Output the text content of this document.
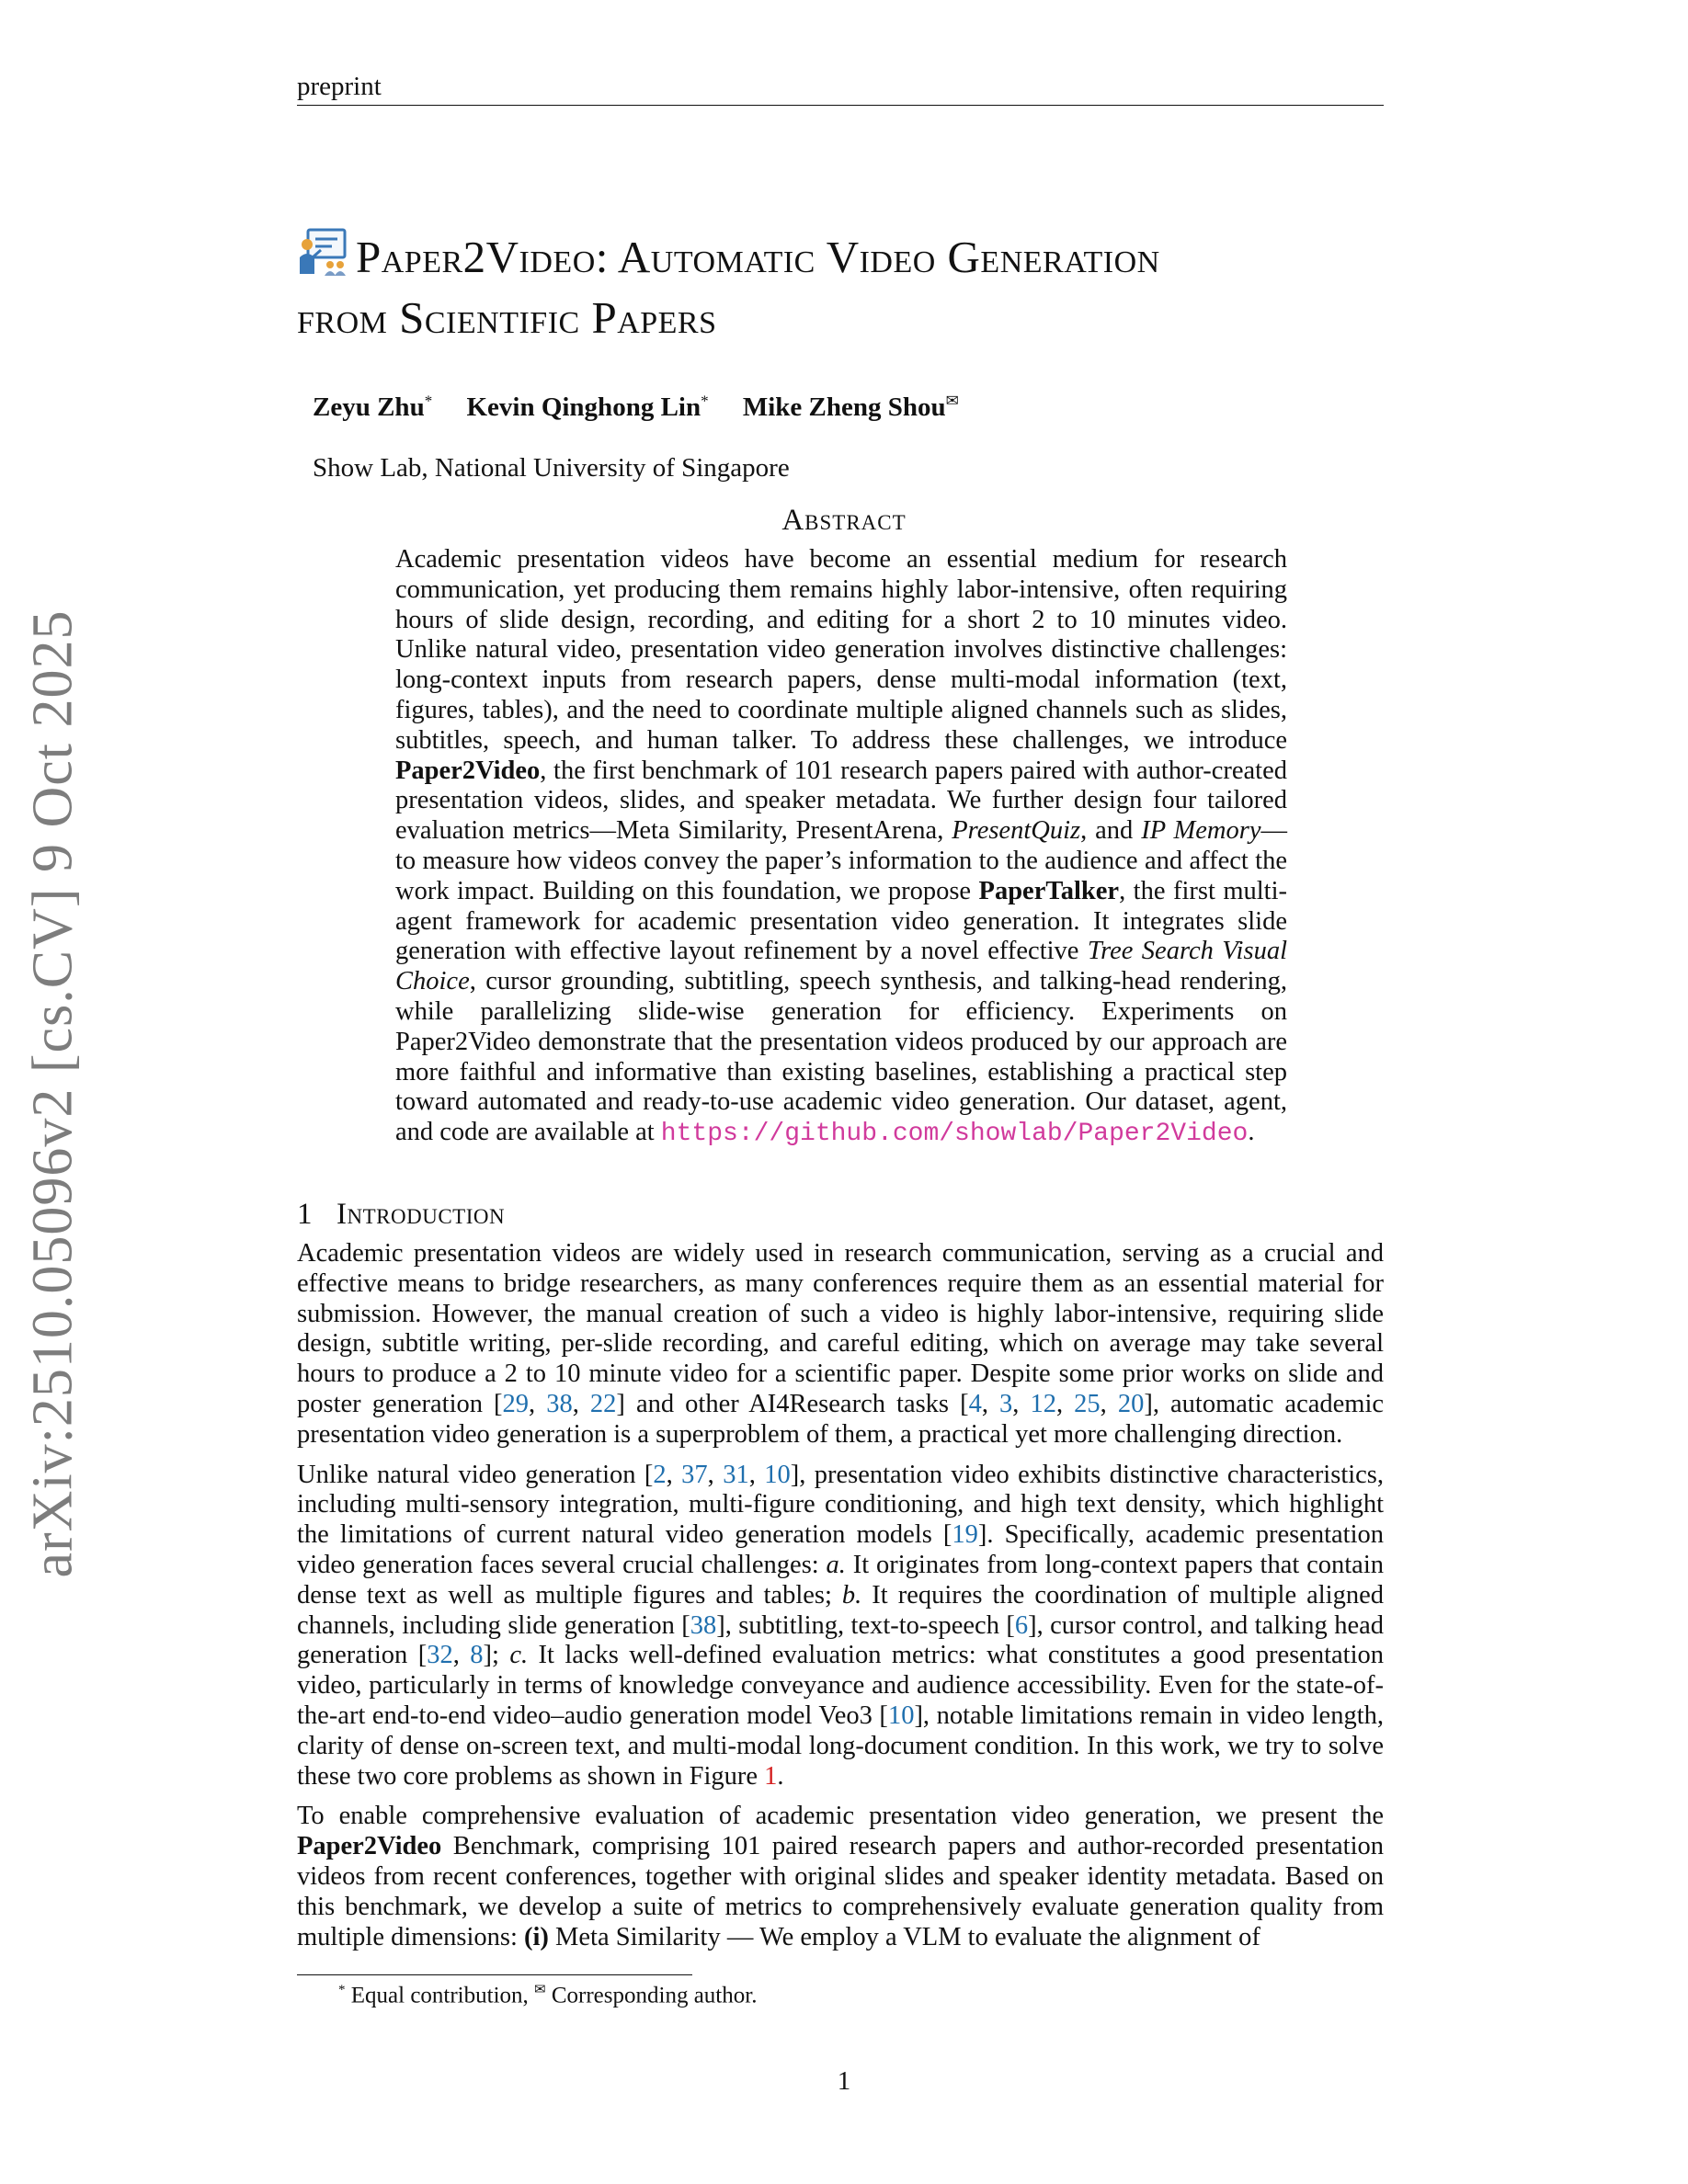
arXiv:2510.05096v2 [cs.CV] 9 Oct 2025
preprint
Paper2Video: Automatic Video Generation
from Scientific Papers
Zeyu Zhu* Kevin Qinghong Lin* Mike Zheng Shou✉
Show Lab, National University of Singapore
Abstract
Academic presentation videos have become an essential medium for research communication, yet producing them remains highly labor-intensive, often requiring hours of slide design, recording, and editing for a short 2 to 10 minutes video. Unlike natural video, presentation video generation involves distinctive challenges: long-context inputs from research papers, dense multi-modal information (text, figures, tables), and the need to coordinate multiple aligned channels such as slides, subtitles, speech, and human talker. To address these challenges, we introduce Paper2Video, the first benchmark of 101 research papers paired with author-created presentation videos, slides, and speaker metadata. We further design four tailored evaluation metrics—Meta Similarity, PresentArena, PresentQuiz, and IP Memory—to measure how videos convey the paper’s information to the audience and affect the work impact. Building on this foundation, we propose PaperTalker, the first multi-agent framework for academic presentation video generation. It integrates slide generation with effective layout refinement by a novel effective Tree Search Visual Choice, cursor grounding, subtitling, speech synthesis, and talking-head rendering, while parallelizing slide-wise generation for efficiency. Experiments on Paper2Video demonstrate that the presentation videos produced by our approach are more faithful and informative than existing baselines, establishing a practical step toward automated and ready-to-use academic video generation. Our dataset, agent, and code are available at https://github.com/showlab/Paper2Video.
1 Introduction

Academic presentation videos are widely used in research communication, serving as a crucial and effective means to bridge researchers, as many conferences require them as an essential material for submission. However, the manual creation of such a video is highly labor-intensive, requiring slide design, subtitle writing, per-slide recording, and careful editing, which on average may take several hours to produce a 2 to 10 minute video for a scientific paper. Despite some prior works on slide and poster generation [29, 38, 22] and other AI4Research tasks [4, 3, 12, 25, 20], automatic academic presentation video generation is a superproblem of them, a practical yet more challenging direction.

Unlike natural video generation [2, 37, 31, 10], presentation video exhibits distinctive characteristics, including multi-sensory integration, multi-figure conditioning, and high text density, which highlight the limitations of current natural video generation models [19]. Specifically, academic presentation video generation faces several crucial challenges: a. It originates from long-context papers that contain dense text as well as multiple figures and tables; b. It requires the coordination of multiple aligned channels, including slide generation [38], subtitling, text-to-speech [6], cursor control, and talking head generation [32, 8]; c. It lacks well-defined evaluation metrics: what constitutes a good presentation video, particularly in terms of knowledge conveyance and audience accessibility. Even for the state-of-the-art end-to-end video–audio generation model Veo3 [10], notable limitations remain in video length, clarity of dense on-screen text, and multi-modal long-document condition. In this work, we try to solve these two core problems as shown in Figure 1.

To enable comprehensive evaluation of academic presentation video generation, we present the Paper2Video Benchmark, comprising 101 paired research papers and author-recorded presentation videos from recent conferences, together with original slides and speaker identity metadata. Based on this benchmark, we develop a suite of metrics to comprehensively evaluate generation quality from multiple dimensions: (i) Meta Similarity — We employ a VLM to evaluate the alignment of

* Equal contribution, ✉ Corresponding author.
1
